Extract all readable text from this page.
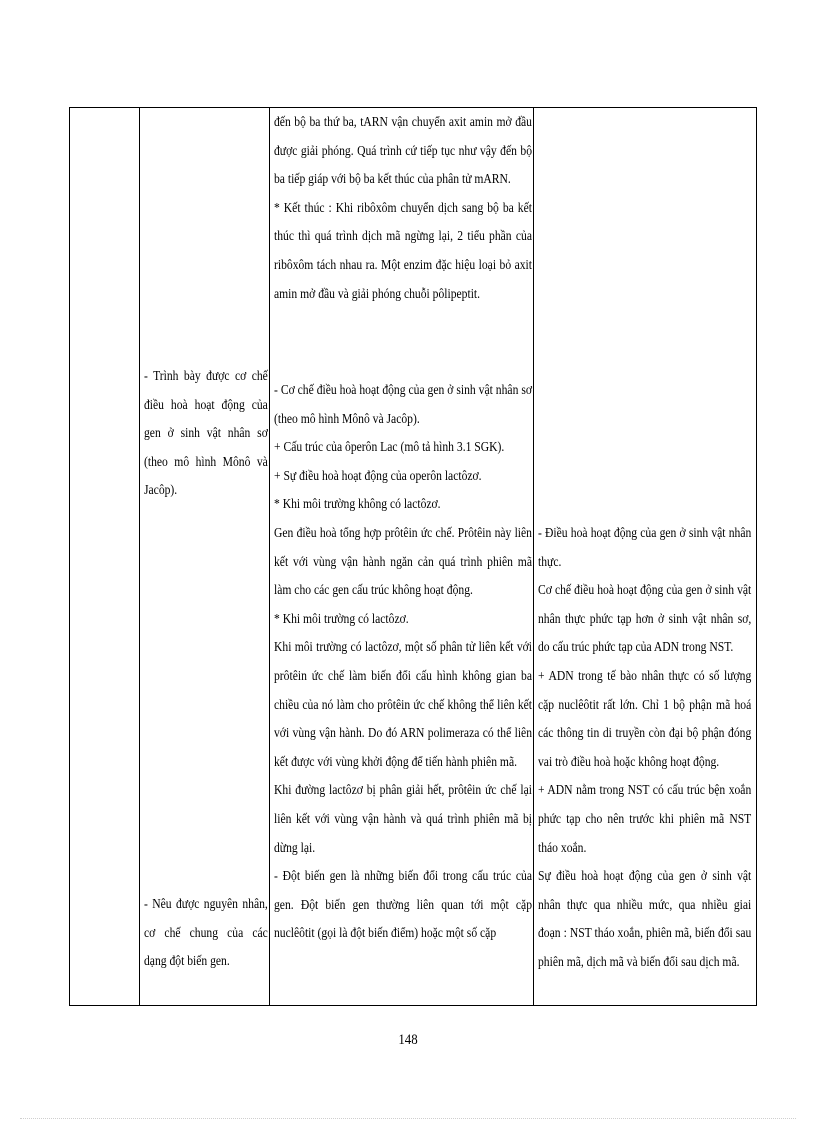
- Trình bày được cơ chế điều hoà hoạt động của gen ở sinh vật nhân sơ (theo mô hình Mônô và Jacôp).

- Nêu được nguyên nhân, cơ chế chung của các dạng đột biến gen.

đến bộ ba thứ ba, tARN vận chuyển axit amin mở đầu được giải phóng. Quá trình cứ tiếp tục như vậy đến bộ ba tiếp giáp với bộ ba kết thúc của phân tử mARN.

* Kết thúc : Khi ribôxôm chuyển dịch sang bộ ba kết thúc thì quá trình dịch mã ngừng lại, 2 tiểu phần của ribôxôm tách nhau ra. Một enzim đặc hiệu loại bỏ axit amin mở đầu và giải phóng chuỗi pôlipeptit.

- Cơ chế điều hoà hoạt động của gen ở sinh vật nhân sơ (theo mô hình Mônô và Jacôp).

+ Cấu trúc của ôperôn Lac (mô tả hình 3.1 SGK).

+ Sự điều hoà hoạt động của operôn lactôzơ.

* Khi môi trường không có lactôzơ.

Gen điều hoà tổng hợp prôtêin ức chế. Prôtêin này liên kết với vùng vận hành ngăn cản quá trình phiên mã làm cho các gen cấu trúc không hoạt động.

* Khi môi trường có lactôzơ.

Khi môi trường có lactôzơ, một số phân tử liên kết với prôtêin ức chế làm biến đổi cấu hình không gian ba chiều của nó làm cho prôtêin ức chế không thể liên kết với vùng vận hành. Do đó ARN polimeraza có thể liên kết được với vùng khởi động để tiến hành phiên mã.

Khi đường lactôzơ bị phân giải hết, prôtêin ức chế lại liên kết với vùng vận hành và quá trình phiên mã bị dừng lại.

- Đột biến gen là những biến đổi trong cấu trúc của gen. Đột biến gen thường liên quan tới một cặp nuclêôtit (gọi là đột biến điểm) hoặc một số cặp

- Điều hoà hoạt động của gen ở sinh vật nhân thực.

Cơ chế điều hoà hoạt động của gen ở sinh vật nhân thực phức tạp hơn ở sinh vật nhân sơ, do cấu trúc phức tạp của ADN trong NST.

+ ADN trong tế bào nhân thực có số lượng cặp nuclêôtit rất lớn. Chỉ 1 bộ phận mã hoá các thông tin di truyền còn đại bộ phận đóng vai trò điều hoà hoặc không hoạt động.

+ ADN nằm trong NST có cấu trúc bện xoắn phức tạp cho nên trước khi phiên mã NST tháo xoắn.

Sự điều hoà hoạt động của gen ở sinh vật nhân thực qua nhiều mức, qua nhiều giai đoạn : NST tháo xoắn, phiên mã, biến đổi sau phiên mã, dịch mã và biến đổi sau dịch mã.

148
